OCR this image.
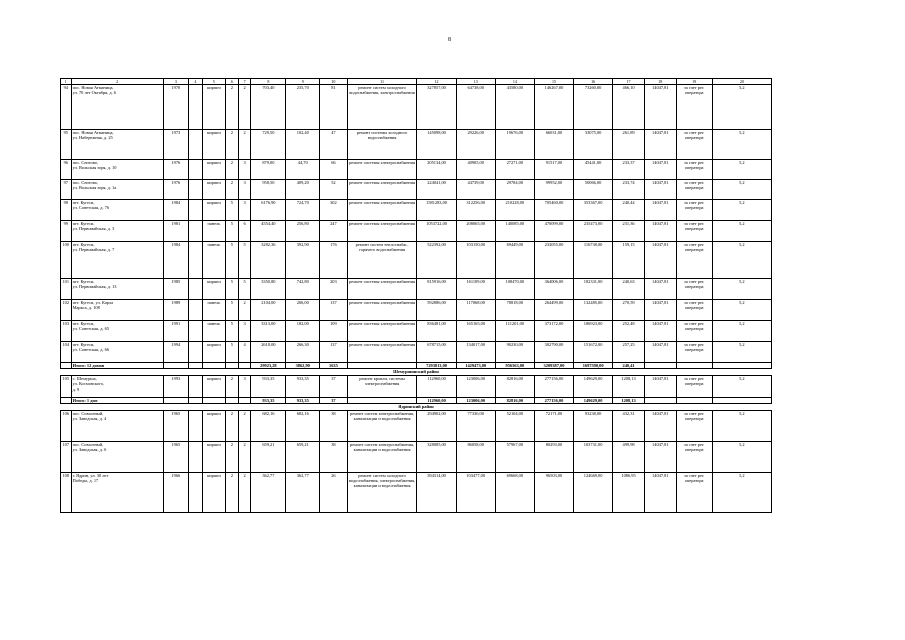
8
1	2	3	4	5	6	7	8	9	10	11	12	13	14	15	16	17	18	19	20
94	пос. Новая Атманица,
ул. 70 лет Октября, д. 6	1970		кирпич	2	2	703,40	235,70	81	ремонт систем холодного водоснабжения, электроснабжения	327857,00	64738,00	43580,00	146267,00	73260,00	466,10	14047,81	за счет рег. оператора	5,2
95	пос. Новая Атманица,
ул. Набережная, д. 25	1973		кирпич	2	2	729,50	102,40	47	ремонт системы холодного водоснабжения	145098,00	29226,00	19676,00	66031,00	33075,00	261,89	14047,81	за счет рег. оператора	5,2
96	пос. Сеитово,
ул. Вольская зоря, д. 10	1976		кирпич	2	3	879,00	44,70	66	ремонт системы электроснабжения	205134,00	40905,00	27271,00	91517,00	45441,00	233,37	14047,81	за счет рег. оператора	5,2
97	пос. Сеитово,
ул. Вольская зоря, д. 1а	1976		кирпич	2	3	958,50	409,20	52	ремонт системы электроснабжения	224041,00	44739,00	29784,00	99952,00	50066,00	233,74	14047,81	за счет рег. оператора	5,2
98	пгт. Кугеси,
ул. Советская, д. 76	1984		кирпич	5	3	6176,90	724,70	302	ремонт системы электроснабжения	1581283,00	312256,00	210228,00	705460,00	353367,00	240,44	14047,81	за счет рег. оператора	5,2
99	пгт. Кугеси,
ул. Первомайская, д. 3	1981		панель	5	6	4554,40	256,80	247	ремонт системы электроснабжения	1053722,00	208065,00	140085,00	470099,00	235473,00	231,36	14047,81	за счет рег. оператора	5,2
100	пгт. Кугеси,
ул. Первомайская, д. 7	1984		панель	5	5	3282,36	392,90	176	ремонт систем теплоснабж., горячего водоснабжения	522392,00	103150,00	69449,00	233055,00	116738,00	159,15	14047,81	за счет рег. оператора	5,2
101	пгт. Кугеси,
ул. Первомайская, д. 13	1985		кирпич	5	5	3350,80	742,80	203	ремонт системы электроснабжения	815916,00	161109,00	108470,00	364006,00	182331,00	240,63	14047,81	за счет рег. оператора	5,2
102	пгт. Кугеси, ул. Карла
Маркса, д. 108	1989		панель	5	2	2104,00	206,00	137	ремонт системы электроснабжения	592886,00	117068,00	78818,00	264499,00	132485,00	270,59	14047,81	за счет рег. оператора	5,2
103	пгт. Кугеси,
ул. Советская, д. 65	1991		панель	5	3	3313,00	182,00	109	ремонт системы электроснабжения	836481,00	165165,00	111201,00	373172,00	186923,00	252,48	14047,81	за счет рег. оператора	5,2
104	пгт. Кугеси,
ул. Советская, д. 66	1994		кирпич	5	4	2618,00	266,30	137	ремонт системы электроснабжения	678715,00	134017,00	90230,00	302790,00	151672,00	257,25	14047,81	за счет рег. оператора	5,2
	Итого: 12 домов						29923,28	3862,90	1635		7293813,00	1429473,00	956563,00	3209387,00	1697590,00	240,41			
Шемуршинский район																			
105	с. Шемурша,
ул. Космовского,
д. 9	1993		кирпич	2	3	933,35	933,35	37	ремонт кровли, системы электроснабжения	112960,00	123006,00	82816,00	277156,00	149629,00	1208,13	14047,81	за счет рег. оператора	5,2
	Итого: 1 дом						933,35	933,35	37		112960,00	123006,00	82816,00	277156,00	149629,00	1208,13			
Ядринский район																			
106	пос. Совхозный,
ул. Заводская, д. 4	1965		кирпич	2	2	682,16	682,16	38	ремонт систем электроснабжения, канализации и водоснабжения	294902,00	77330,00	52104,00	72171,00	93238,00	432,31	14047,81	за счет рег. оператора	5,2
107	пос. Совхозный,
ул. Заводская, д. 6	1965		кирпич	2	2	659,21	659,21	38	ремонт систем электроснабжения, канализации и водоснабжения	328085,00	86058,00	57967,00	80293,00	103731,00	499,98	14047,81	за счет рег. оператора	5,2
108	г. Ядрин, ул. 30 лет
Победы, д. 17	1966		кирпич	2	2	362,77	362,77	26	ремонт систем холодного водоснабжения, электроснабжения, канализации и водоснабжения	394314,00	103477,00	69668,00	96503,00	124669,00	1086,95	14047,81	за счет рег. оператора	5,2
